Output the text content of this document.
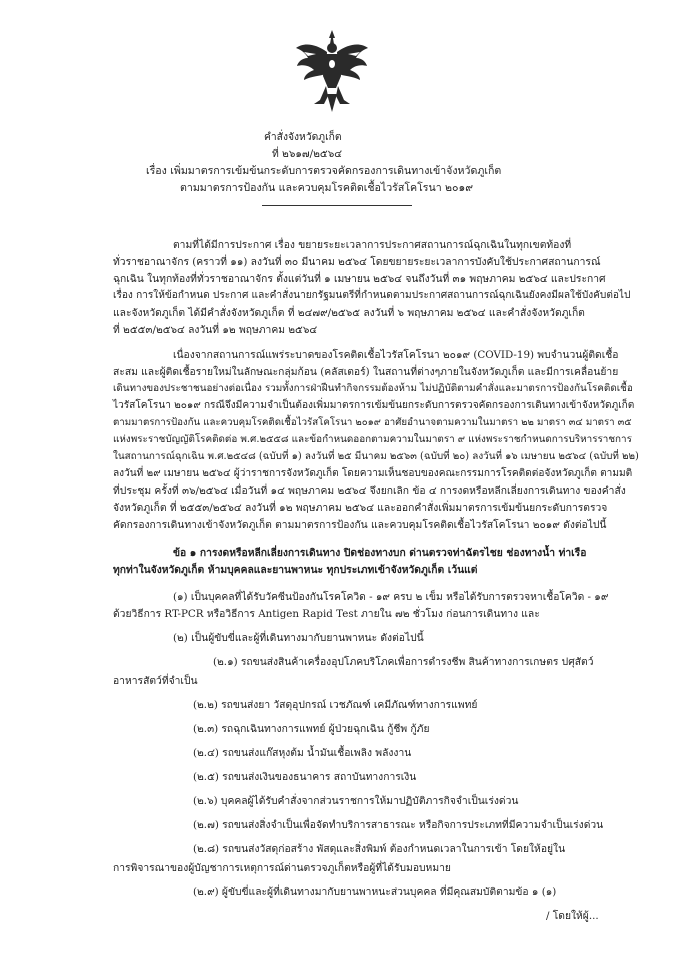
คำสั่งจังหวัดภูเก็ต
ที่ ๒๖๑๗/๒๕๖๔
เรื่อง เพิ่มมาตรการเข้มข้นกระดับการตรวจคัดกรองการเดินทางเข้าจังหวัดภูเก็ต
ตามมาตรการป้องกัน และควบคุมโรคติดเชื้อไวรัสโคโรนา ๒๐๑๙
ตามที่ได้มีการประกาศ เรื่อง ขยายระยะเวลาการประกาศสถานการณ์ฉุกเฉินในทุกเขตท้องที่
ทั่วราชอาณาจักร (คราวที่ ๑๑) ลงวันที่ ๓๐ มีนาคม ๒๕๖๔ โดยขยายระยะเวลาการบังคับใช้ประกาศสถานการณ์
ฉุกเฉิน ในทุกท้องที่ทั่วราชอาณาจักร ตั้งแต่วันที่ ๑ เมษายน ๒๕๖๔ จนถึงวันที่ ๓๑ พฤษภาคม ๒๕๖๔ และประกาศ
เรื่อง การให้ข้อกำหนด ประกาศ และคำสั่งนายกรัฐมนตรีที่กำหนดตามประกาศสถานการณ์ฉุกเฉินยังคงมีผลใช้บังคับต่อไป
และจังหวัดภูเก็ต ได้มีคำสั่งจังหวัดภูเก็ต ที่ ๒๔๗๙/๒๕๖๕ ลงวันที่ ๖ พฤษภาคม ๒๕๖๔ และคำสั่งจังหวัดภูเก็ต
ที่ ๒๕๕๓/๒๕๖๔ ลงวันที่ ๑๒ พฤษภาคม ๒๕๖๔
เนื่องจากสถานการณ์แพร่ระบาดของโรคติดเชื้อไวรัสโคโรนา ๒๐๑๙ (COVID-19) พบจำนวนผู้ติดเชื้อ
สะสม และผู้ติดเชื้อรายใหม่ในลักษณะกลุ่มก้อน (คลัสเตอร์) ในสถานที่ต่างๆภายในจังหวัดภูเก็ต และมีการเคลื่อนย้าย
เดินทางของประชาชนอย่างต่อเนื่อง รวมทั้งการฝ่าฝืนทำกิจกรรมต้องห้าม ไม่ปฏิบัติตามคำสั่งและมาตรการป้องกันโรคติดเชื้อ
ไวรัสโคโรนา ๒๐๑๙ กรณีจึงมีความจำเป็นต้องเพิ่มมาตรการเข้มข้นยกระดับการตรวจคัดกรองการเดินทางเข้าจังหวัดภูเก็ต
ตามมาตรการป้องกัน และควบคุมโรคติดเชื้อไวรัสโคโรนา ๒๐๑๙ อาศัยอำนาจตามความในมาตรา ๒๒ มาตรา ๓๔ มาตรา ๓๕
แห่งพระราชบัญญัติโรคติดต่อ พ.ศ.๒๕๕๘ และข้อกำหนดออกตามความในมาตรา ๙ แห่งพระราชกำหนดการบริหารราชการ
ในสถานการณ์ฉุกเฉิน พ.ศ.๒๕๔๘ (ฉบับที่ ๑) ลงวันที่ ๒๕ มีนาคม ๒๕๖๓ (ฉบับที่ ๒๐) ลงวันที่ ๑๖ เมษายน ๒๕๖๔ (ฉบับที่ ๒๒)
ลงวันที่ ๒๙ เมษายน ๒๕๖๔ ผู้ว่าราชการจังหวัดภูเก็ต โดยความเห็นชอบของคณะกรรมการโรคติดต่อจังหวัดภูเก็ต ตามมติ
ที่ประชุม ครั้งที่ ๓๖/๒๕๖๔ เมื่อวันที่ ๑๔ พฤษภาคม ๒๕๖๔ จึงยกเลิก ข้อ ๔ การงดหรือหลีกเลี่ยงการเดินทาง ของคำสั่ง
จังหวัดภูเก็ต ที่ ๒๕๕๓/๒๕๖๔ ลงวันที่ ๑๒ พฤษภาคม ๒๕๖๔ และออกคำสั่งเพิ่มมาตรการเข้มข้นยกระดับการตรวจ
คัดกรองการเดินทางเข้าจังหวัดภูเก็ต ตามมาตรการป้องกัน และควบคุมโรคติดเชื้อไวรัสโคโรนา ๒๐๑๙ ดังต่อไปนี้
ข้อ ๑ การงดหรือหลีกเลี่ยงการเดินทาง ปิดช่องทางบก ด่านตรวจท่าฉัตรไชย ช่องทางน้ำ ท่าเรือ
ทุกท่าในจังหวัดภูเก็ต ห้ามบุคคลและยานพาหนะ ทุกประเภทเข้าจังหวัดภูเก็ต เว้นแต่
(๑) เป็นบุคคลที่ได้รับวัคซีนป้องกันโรคโควิด - ๑๙ ครบ ๒ เข็ม หรือได้รับการตรวจหาเชื้อโควิด - ๑๙
ด้วยวิธีการ RT-PCR หรือวิธีการ Antigen Rapid Test ภายใน ๗๒ ชั่วโมง ก่อนการเดินทาง และ
(๒) เป็นผู้ขับขี่และผู้ที่เดินทางมากับยานพาหนะ ดังต่อไปนี้
(๒.๑) รถขนส่งสินค้าเครื่องอุปโภคบริโภคเพื่อการดำรงชีพ สินค้าทางการเกษตร ปศุสัตว์
อาหารสัตว์ที่จำเป็น
(๒.๒) รถขนส่งยา วัสดุอุปกรณ์ เวชภัณฑ์ เคมีภัณฑ์ทางการแพทย์
(๒.๓) รถฉุกเฉินทางการแพทย์ ผู้ป่วยฉุกเฉิน กู้ชีพ กู้ภัย
(๒.๔) รถขนส่งแก๊สหุงต้ม น้ำมันเชื้อเพลิง พลังงาน
(๒.๕) รถขนส่งเงินของธนาคาร สถาบันทางการเงิน
(๒.๖) บุคคลผู้ได้รับคำสั่งจากส่วนราชการให้มาปฏิบัติภารกิจจำเป็นเร่งด่วน
(๒.๗) รถขนส่งสิ่งจำเป็นเพื่อจัดทำบริการสาธารณะ หรือกิจการประเภทที่มีความจำเป็นเร่งด่วน
(๒.๘) รถขนส่งวัสดุก่อสร้าง พัสดุและสิ่งพิมพ์ ต้องกำหนดเวลาในการเข้า โดยให้อยู่ใน
การพิจารณาของผู้บัญชาการเหตุการณ์ด่านตรวจภูเก็ตหรือผู้ที่ได้รับมอบหมาย
(๒.๙) ผู้ขับขี่และผู้ที่เดินทางมากับยานพาหนะส่วนบุคคล ที่มีคุณสมบัติตามข้อ ๑ (๑)
/ โดยให้ผู้...
